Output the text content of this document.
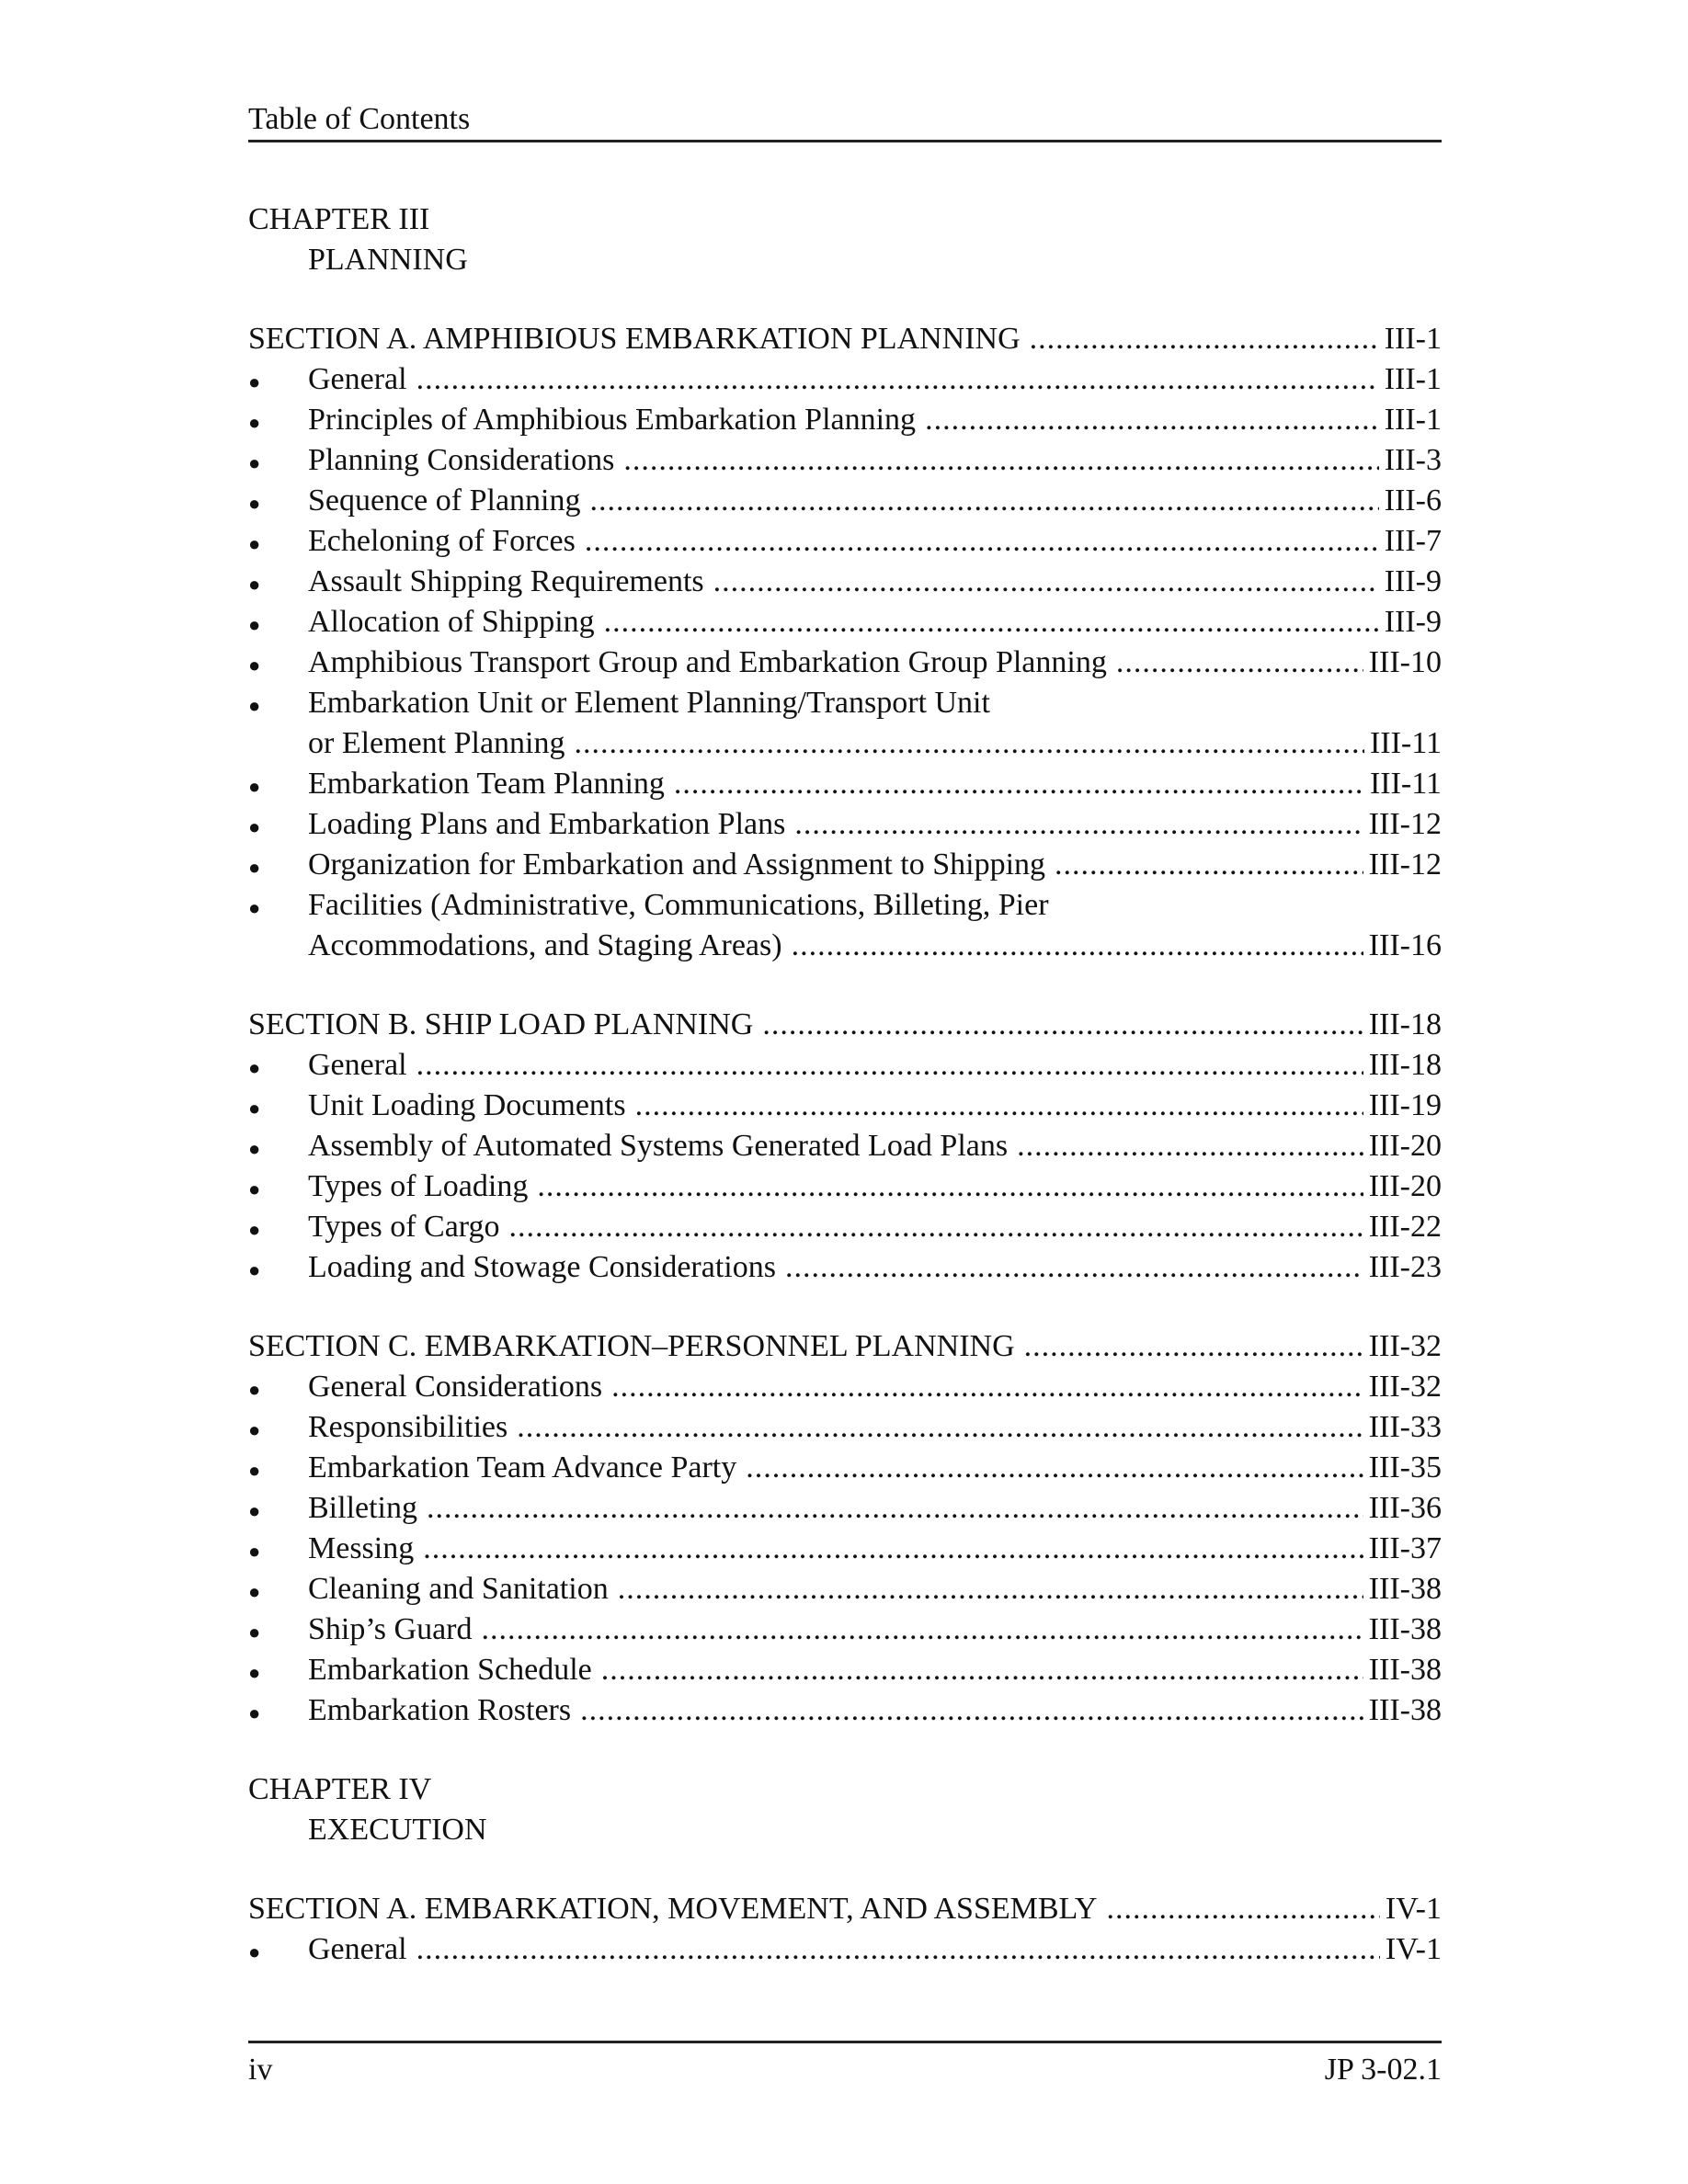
Table of Contents
CHAPTER III
PLANNING
SECTION A. AMPHIBIOUS EMBARKATION PLANNING .....	III-1
●	General .....	III-1
●	Principles of Amphibious Embarkation Planning .....	III-1
●	Planning Considerations .....	III-3
●	Sequence of Planning .....	III-6
●	Echeloning of Forces .....	III-7
●	Assault Shipping Requirements .....	III-9
●	Allocation of Shipping .....	III-9
●	Amphibious Transport Group and Embarkation Group Planning .....	III-10
●	Embarkation Unit or Element Planning/Transport Unit
or Element Planning .....	III-11
●	Embarkation Team Planning .....	III-11
●	Loading Plans and Embarkation Plans .....	III-12
●	Organization for Embarkation and Assignment to Shipping .....	III-12
●	Facilities (Administrative, Communications, Billeting, Pier
Accommodations, and Staging Areas) .....	III-16
SECTION B. SHIP LOAD PLANNING .....	III-18
●	General .....	III-18
●	Unit Loading Documents .....	III-19
●	Assembly of Automated Systems Generated Load Plans .....	III-20
●	Types of Loading .....	III-20
●	Types of Cargo .....	III-22
●	Loading and Stowage Considerations .....	III-23
SECTION C. EMBARKATION–PERSONNEL PLANNING .....	III-32
●	General Considerations .....	III-32
●	Responsibilities .....	III-33
●	Embarkation Team Advance Party .....	III-35
●	Billeting .....	III-36
●	Messing .....	III-37
●	Cleaning and Sanitation .....	III-38
●	Ship’s Guard .....	III-38
●	Embarkation Schedule .....	III-38
●	Embarkation Rosters .....	III-38
CHAPTER IV
EXECUTION
SECTION A. EMBARKATION, MOVEMENT, AND ASSEMBLY .....	IV-1
●	General .....	IV-1
iv	JP 3-02.1
